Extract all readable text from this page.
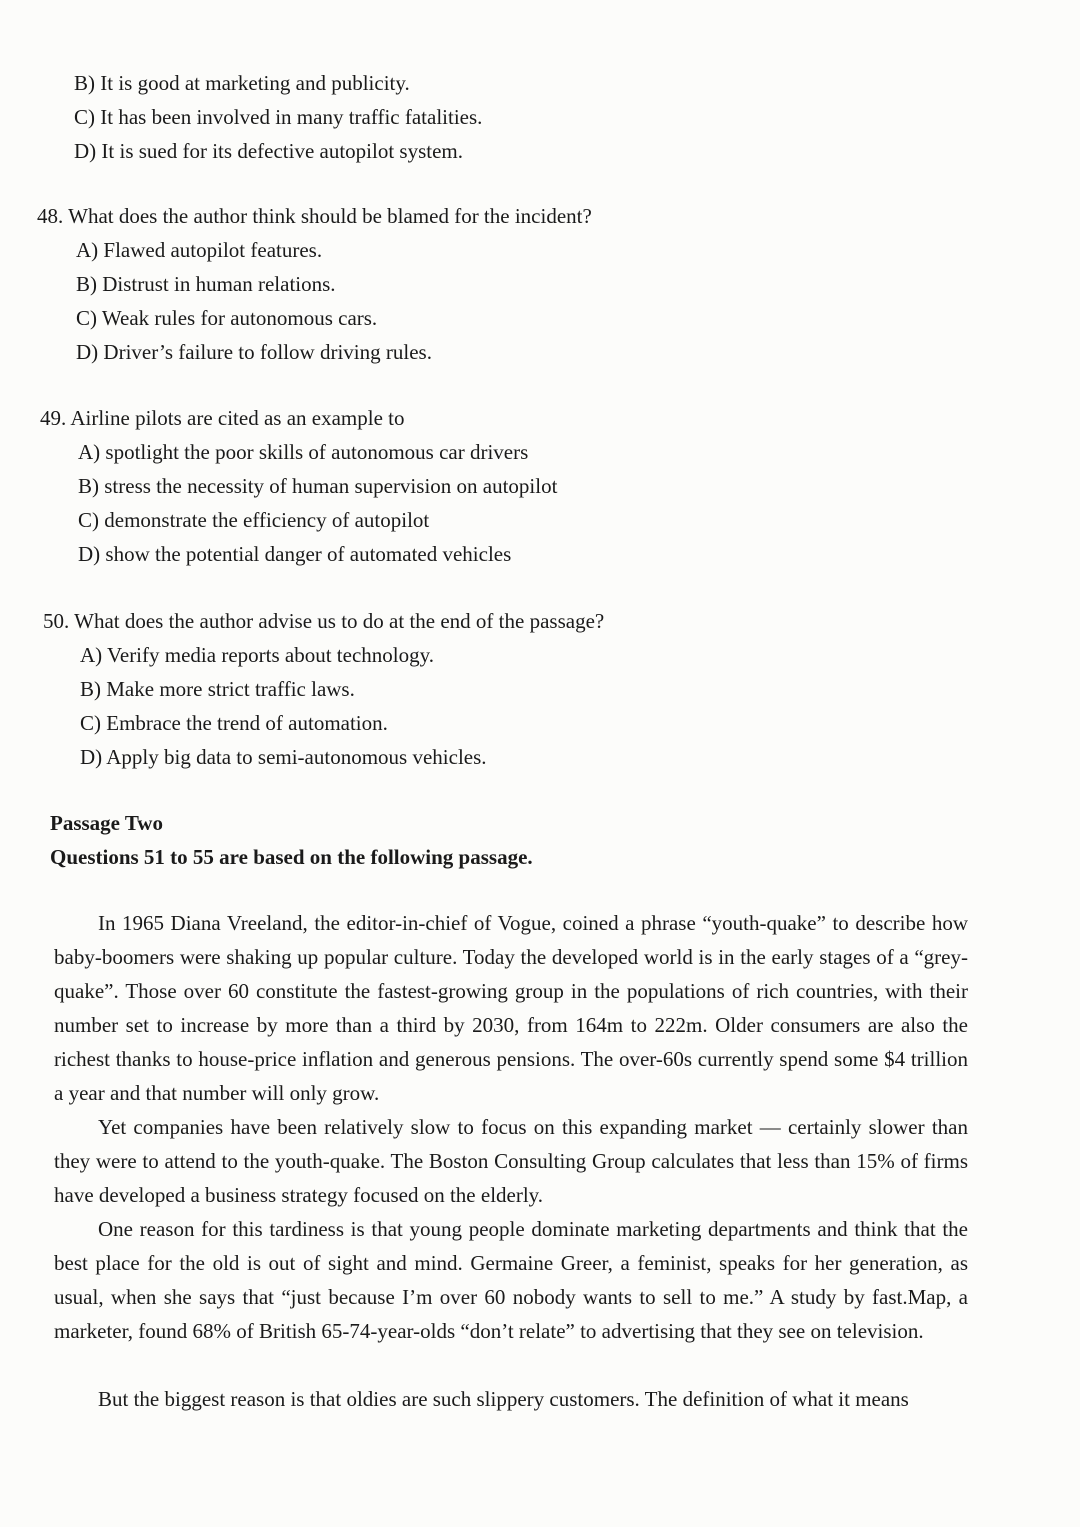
B) It is good at marketing and publicity.
C) It has been involved in many traffic fatalities.
D) It is sued for its defective autopilot system.
48. What does the author think should be blamed for the incident?
A) Flawed autopilot features.
B) Distrust in human relations.
C) Weak rules for autonomous cars.
D) Driver’s failure to follow driving rules.
49. Airline pilots are cited as an example to
A) spotlight the poor skills of autonomous car drivers
B) stress the necessity of human supervision on autopilot
C) demonstrate the efficiency of autopilot
D) show the potential danger of automated vehicles
50. What does the author advise us to do at the end of the passage?
A) Verify media reports about technology.
B) Make more strict traffic laws.
C) Embrace the trend of automation.
D) Apply big data to semi-autonomous vehicles.
Passage Two
Questions 51 to 55 are based on the following passage.
In 1965 Diana Vreeland, the editor-in-chief of Vogue, coined a phrase “youth-quake” to describe how baby-boomers were shaking up popular culture. Today the developed world is in the early stages of a “grey-quake”. Those over 60 constitute the fastest-growing group in the populations of rich countries, with their number set to increase by more than a third by 2030, from 164m to 222m. Older consumers are also the richest thanks to house-price inflation and generous pensions. The over-60s currently spend some $4 trillion a year and that number will only grow.
Yet companies have been relatively slow to focus on this expanding market — certainly slower than they were to attend to the youth-quake. The Boston Consulting Group calculates that less than 15% of firms have developed a business strategy focused on the elderly.
One reason for this tardiness is that young people dominate marketing departments and think that the best place for the old is out of sight and mind. Germaine Greer, a feminist, speaks for her generation, as usual, when she says that “just because I’m over 60 nobody wants to sell to me.” A study by fast.Map, a marketer, found 68% of British 65-74-year-olds “don’t relate” to advertising that they see on television.
But the biggest reason is that oldies are such slippery customers. The definition of what it means
